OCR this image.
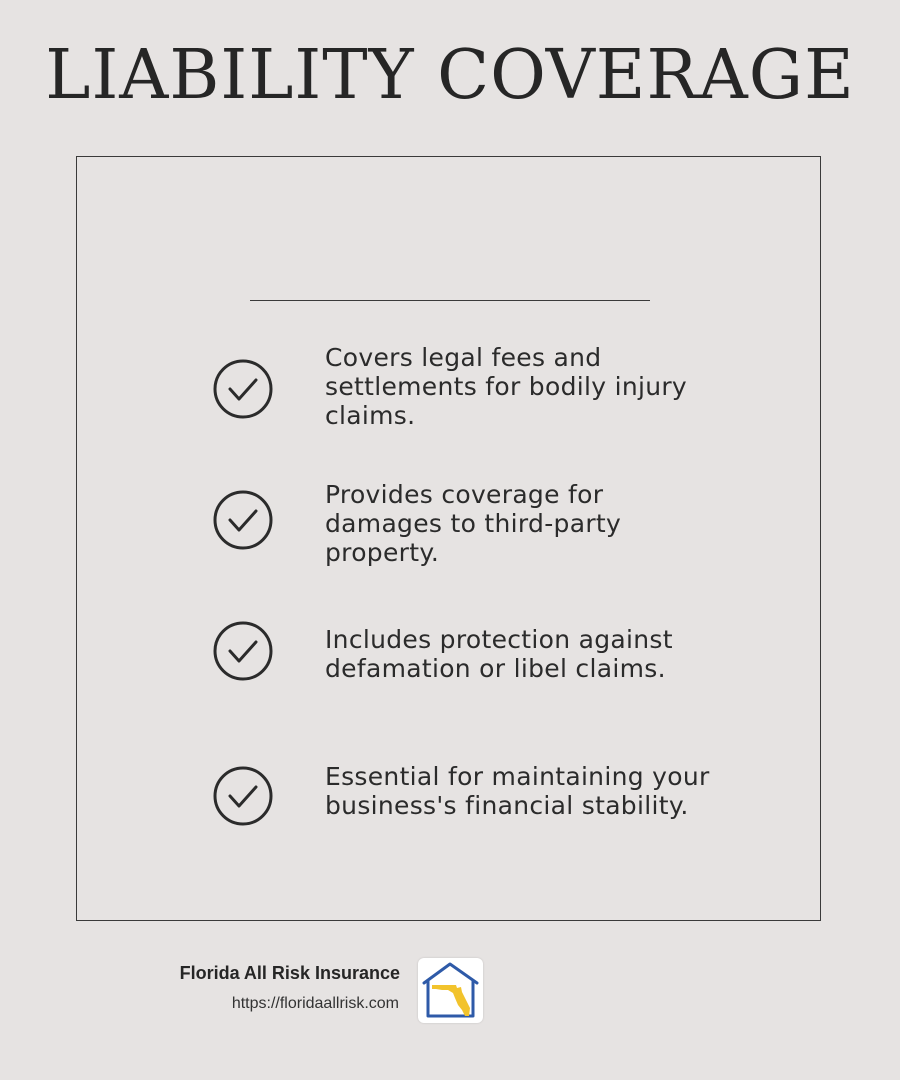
LIABILITY COVERAGE
Covers legal fees and settlements for bodily injury claims.
Provides coverage for damages to third-party property.
Includes protection against defamation or libel claims.
Essential for maintaining your business's financial stability.
Florida All Risk Insurance
https://floridaallrisk.com
